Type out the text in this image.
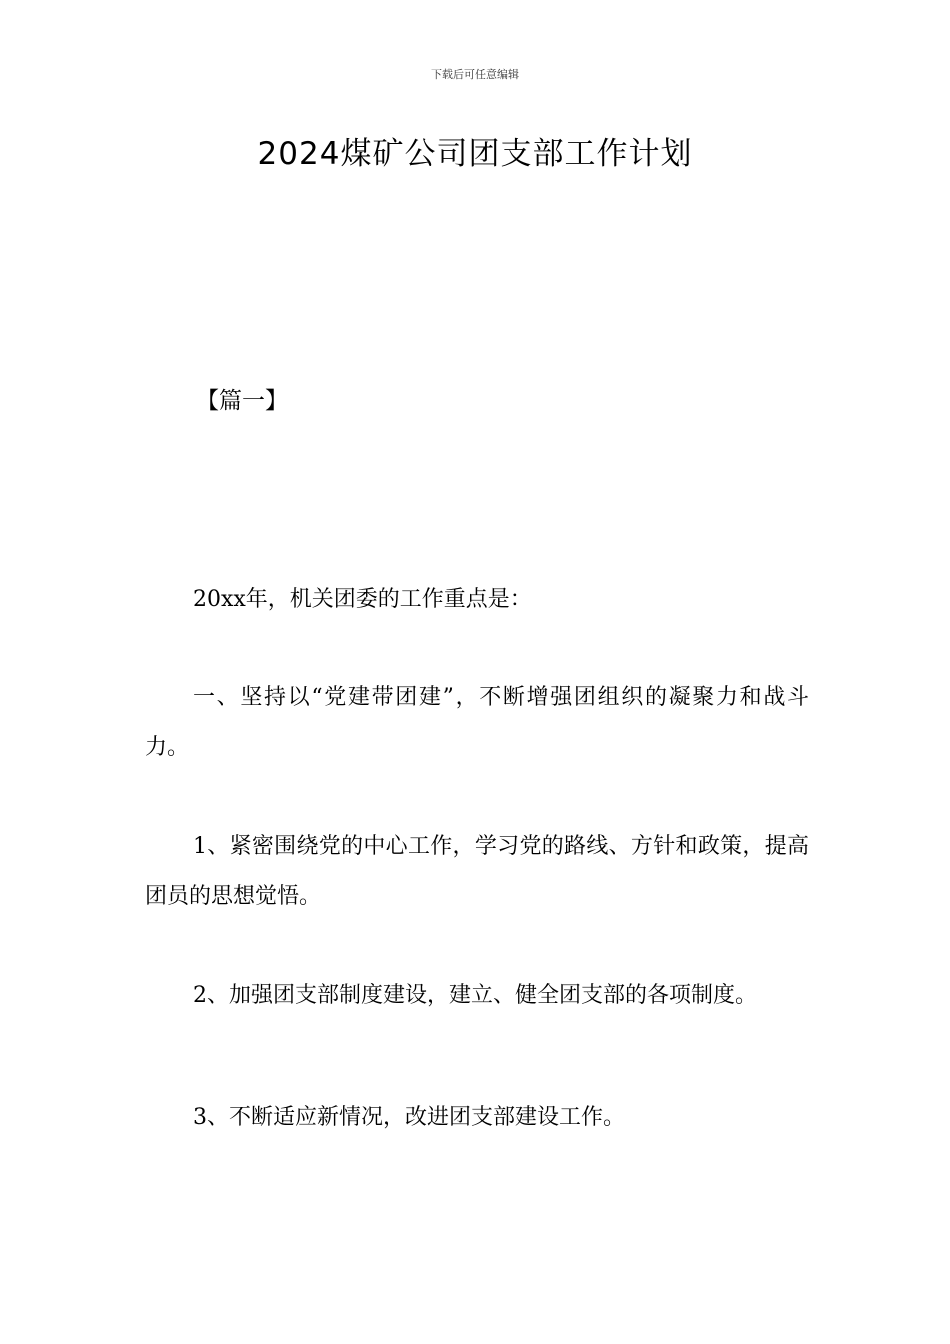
下载后可任意编辑
2024煤矿公司团支部工作计划
【篇一】

20xx年，机关团委的工作重点是：

一、坚持以“党建带团建”，不断增强团组织的凝聚力和战斗力。

1、紧密围绕党的中心工作，学习党的路线、方针和政策，提高团员的思想觉悟。

2、加强团支部制度建设，建立、健全团支部的各项制度。

3、不断适应新情况，改进团支部建设工作。
